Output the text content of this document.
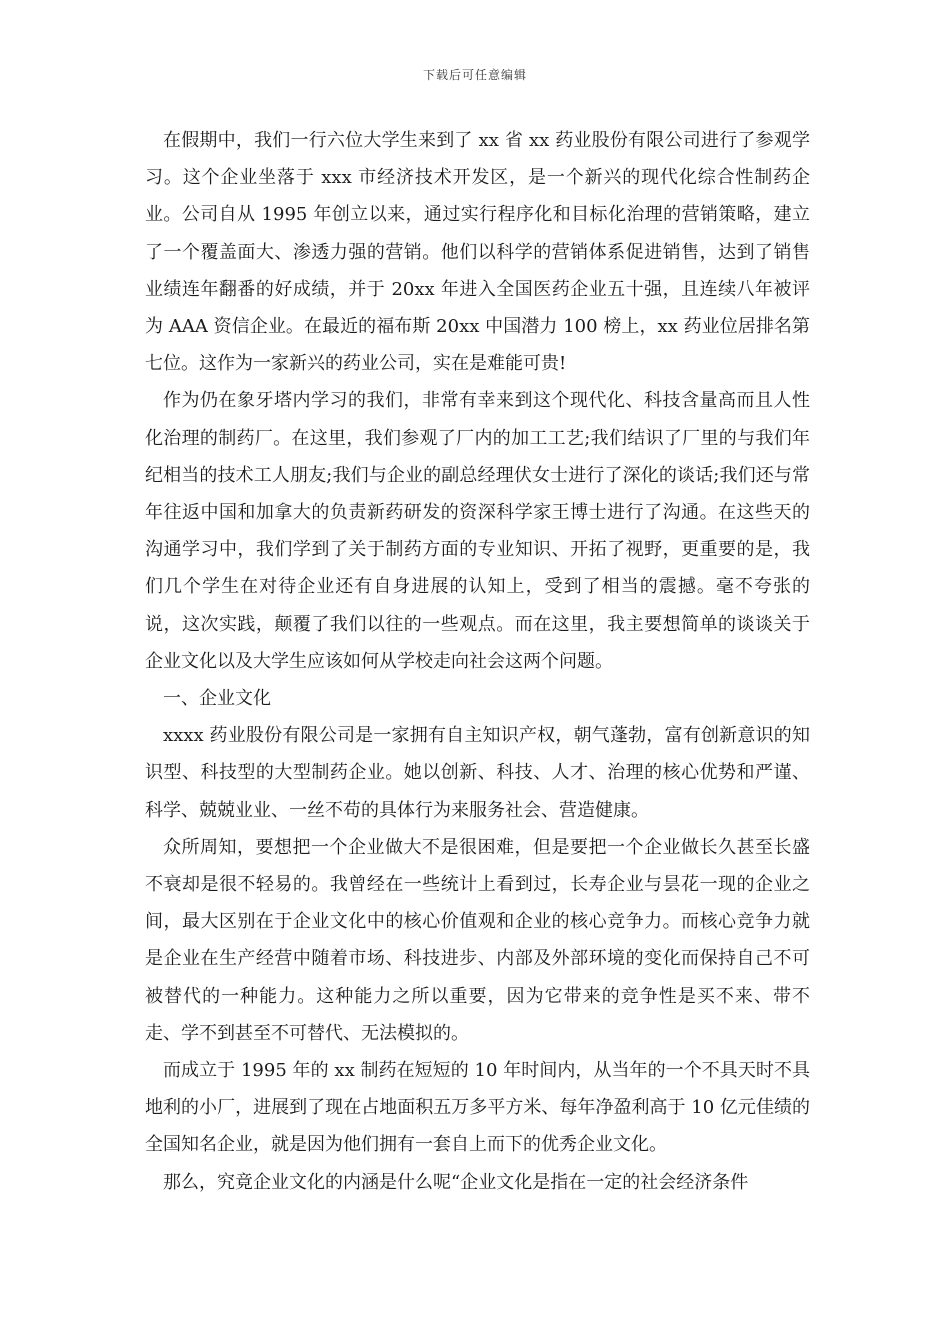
下载后可任意编辑

在假期中，我们一行六位大学生来到了 xx 省 xx 药业股份有限公司进行了参观学习。这个企业坐落于 xxx 市经济技术开发区，是一个新兴的现代化综合性制药企业。公司自从 1995 年创立以来，通过实行程序化和目标化治理的营销策略，建立了一个覆盖面大、渗透力强的营销。他们以科学的营销体系促进销售，达到了销售业绩连年翻番的好成绩，并于 20xx 年进入全国医药企业五十强，且连续八年被评为 AAA 资信企业。在最近的福布斯 20xx 中国潜力 100 榜上，xx 药业位居排名第七位。这作为一家新兴的药业公司，实在是难能可贵!

作为仍在象牙塔内学习的我们，非常有幸来到这个现代化、科技含量高而且人性化治理的制药厂。在这里，我们参观了厂内的加工工艺;我们结识了厂里的与我们年纪相当的技术工人朋友;我们与企业的副总经理伏女士进行了深化的谈话;我们还与常年往返中国和加拿大的负责新药研发的资深科学家王博士进行了沟通。在这些天的沟通学习中，我们学到了关于制药方面的专业知识、开拓了视野，更重要的是，我们几个学生在对待企业还有自身进展的认知上，受到了相当的震撼。毫不夸张的说，这次实践，颠覆了我们以往的一些观点。而在这里，我主要想简单的谈谈关于企业文化以及大学生应该如何从学校走向社会这两个问题。

一、企业文化

xxxx 药业股份有限公司是一家拥有自主知识产权，朝气蓬勃，富有创新意识的知识型、科技型的大型制药企业。她以创新、科技、人才、治理的核心优势和严谨、科学、兢兢业业、一丝不苟的具体行为来服务社会、营造健康。

众所周知，要想把一个企业做大不是很困难，但是要把一个企业做长久甚至长盛不衰却是很不轻易的。我曾经在一些统计上看到过，长寿企业与昙花一现的企业之间，最大区别在于企业文化中的核心价值观和企业的核心竞争力。而核心竞争力就是企业在生产经营中随着市场、科技进步、内部及外部环境的变化而保持自己不可被替代的一种能力。这种能力之所以重要，因为它带来的竞争性是买不来、带不走、学不到甚至不可替代、无法模拟的。

而成立于 1995 年的 xx 制药在短短的 10 年时间内，从当年的一个不具天时不具地利的小厂，进展到了现在占地面积五万多平方米、每年净盈利高于 10 亿元佳绩的全国知名企业，就是因为他们拥有一套自上而下的优秀企业文化。

那么，究竟企业文化的内涵是什么呢“企业文化是指在一定的社会经济条件
